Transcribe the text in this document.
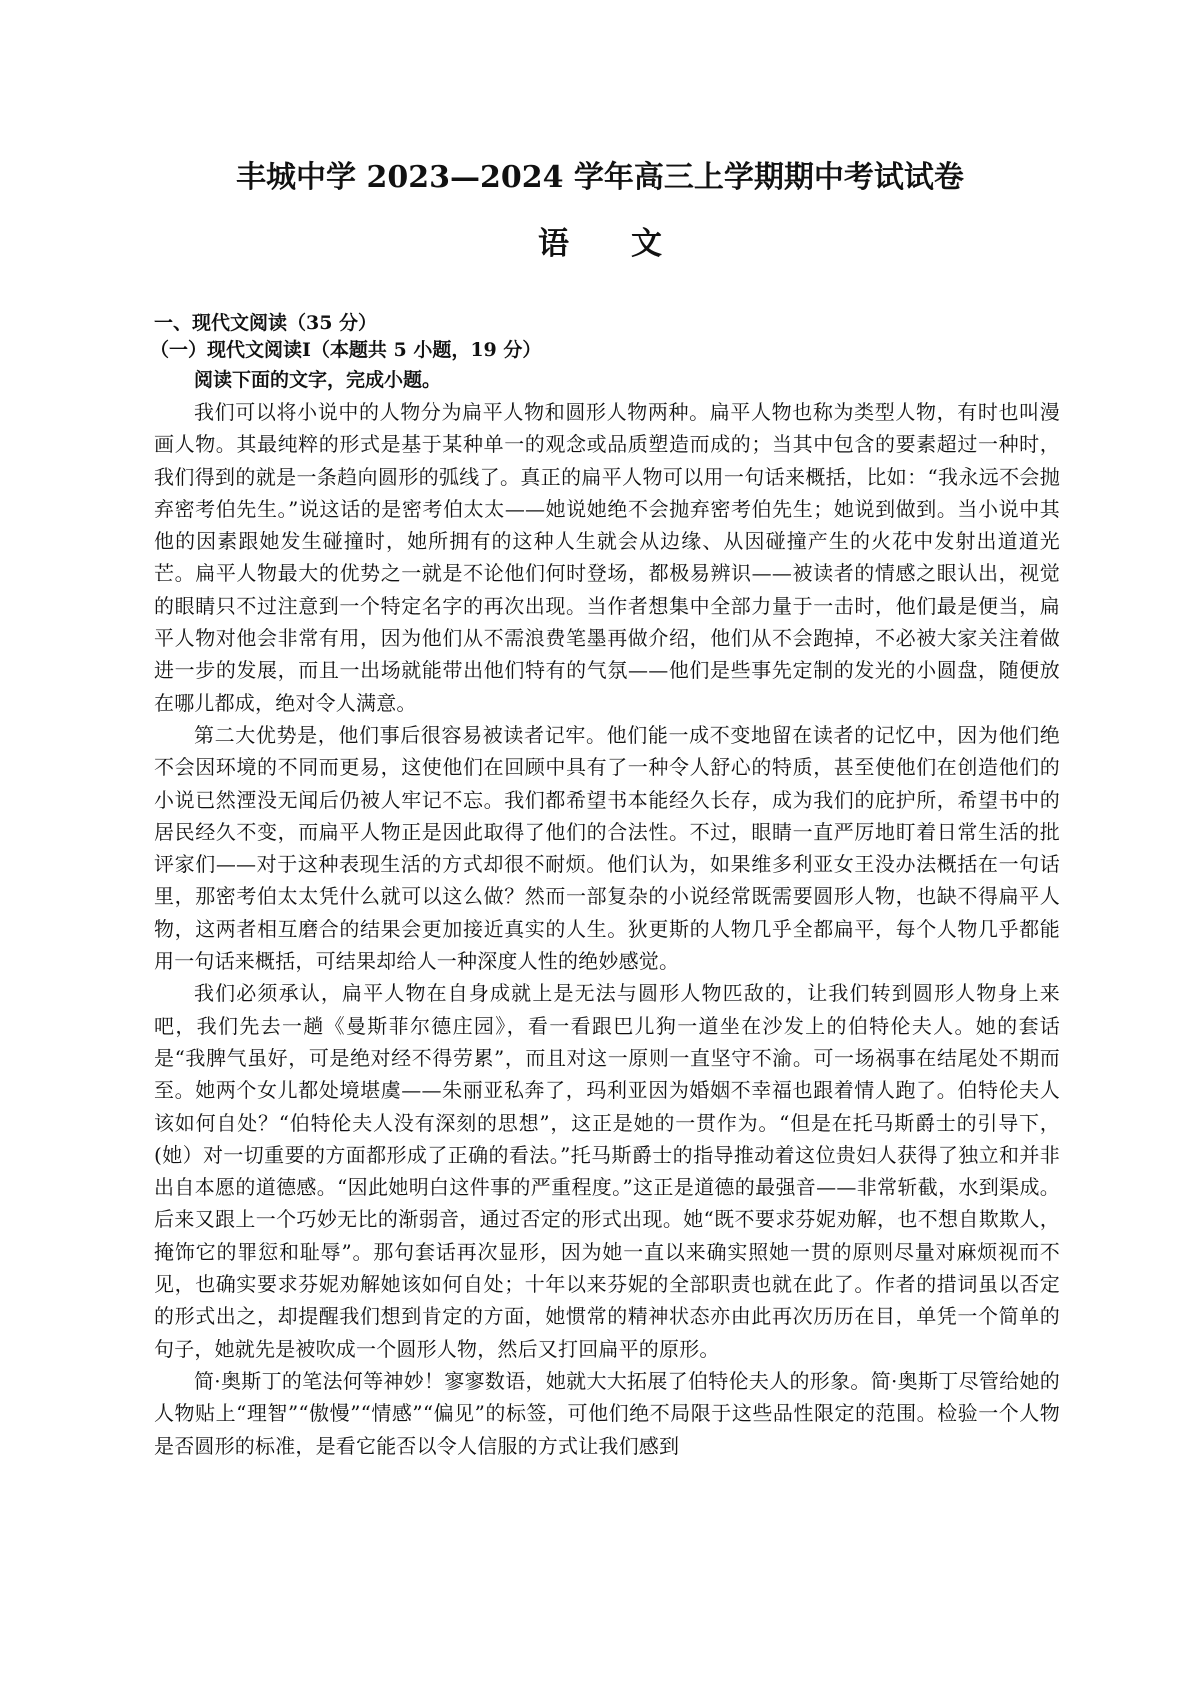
丰城中学 2023—2024 学年高三上学期期中考试试卷
语 文
一、现代文阅读（35 分）
（一）现代文阅读Ⅰ（本题共 5 小题，19 分）
阅读下面的文字，完成小题。

我们可以将小说中的人物分为扁平人物和圆形人物两种。扁平人物也称为类型人物，有时也叫漫画人物。其最纯粹的形式是基于某种单一的观念或品质塑造而成的；当其中包含的要素超过一种时，我们得到的就是一条趋向圆形的弧线了。真正的扁平人物可以用一句话来概括，比如：“我永远不会抛弃密考伯先生。”说这话的是密考伯太太——她说她绝不会抛弃密考伯先生；她说到做到。当小说中其他的因素跟她发生碰撞时，她所拥有的这种人生就会从边缘、从因碰撞产生的火花中发射出道道光芒。扁平人物最大的优势之一就是不论他们何时登场，都极易辨识——被读者的情感之眼认出，视觉的眼睛只不过注意到一个特定名字的再次出现。当作者想集中全部力量于一击时，他们最是便当，扁平人物对他会非常有用，因为他们从不需浪费笔墨再做介绍，他们从不会跑掉，不必被大家关注着做进一步的发展，而且一出场就能带出他们特有的气氛——他们是些事先定制的发光的小圆盘，随便放在哪儿都成，绝对令人满意。

第二大优势是，他们事后很容易被读者记牢。他们能一成不变地留在读者的记忆中，因为他们绝不会因环境的不同而更易，这使他们在回顾中具有了一种令人舒心的特质，甚至使他们在创造他们的小说已然湮没无闻后仍被人牢记不忘。我们都希望书本能经久长存，成为我们的庇护所，希望书中的居民经久不变，而扁平人物正是因此取得了他们的合法性。不过，眼睛一直严厉地盯着日常生活的批评家们——对于这种表现生活的方式却很不耐烦。他们认为，如果维多利亚女王没办法概括在一句话里，那密考伯太太凭什么就可以这么做？然而一部复杂的小说经常既需要圆形人物，也缺不得扁平人物，这两者相互磨合的结果会更加接近真实的人生。狄更斯的人物几乎全都扁平，每个人物几乎都能用一句话来概括，可结果却给人一种深度人性的绝妙感觉。

我们必须承认，扁平人物在自身成就上是无法与圆形人物匹敌的，让我们转到圆形人物身上来吧，我们先去一趟《曼斯菲尔德庄园》，看一看跟巴儿狗一道坐在沙发上的伯特伦夫人。她的套话是“我脾气虽好，可是绝对经不得劳累”，而且对这一原则一直坚守不渝。可一场祸事在结尾处不期而至。她两个女儿都处境堪虞——朱丽亚私奔了，玛利亚因为婚姻不幸福也跟着情人跑了。伯特伦夫人该如何自处？“伯特伦夫人没有深刻的思想”，这正是她的一贯作为。“但是在托马斯爵士的引导下，(她）对一切重要的方面都形成了正确的看法。”托马斯爵士的指导推动着这位贵妇人获得了独立和并非出自本愿的道德感。“因此她明白这件事的严重程度。”这正是道德的最强音——非常斩截，水到渠成。后来又跟上一个巧妙无比的渐弱音，通过否定的形式出现。她“既不要求芬妮劝解，也不想自欺欺人，掩饰它的罪愆和耻辱”。那句套话再次显形，因为她一直以来确实照她一贯的原则尽量对麻烦视而不见，也确实要求芬妮劝解她该如何自处；十年以来芬妮的全部职责也就在此了。作者的措词虽以否定的形式出之，却提醒我们想到肯定的方面，她惯常的精神状态亦由此再次历历在目，单凭一个简单的句子，她就先是被吹成一个圆形人物，然后又打回扁平的原形。

简·奥斯丁的笔法何等神妙！寥寥数语，她就大大拓展了伯特伦夫人的形象。简·奥斯丁尽管给她的人物贴上“理智”“傲慢”“情感”“偏见”的标签，可他们绝不局限于这些品性限定的范围。检验一个人物是否圆形的标准，是看它能否以令人信服的方式让我们感到
